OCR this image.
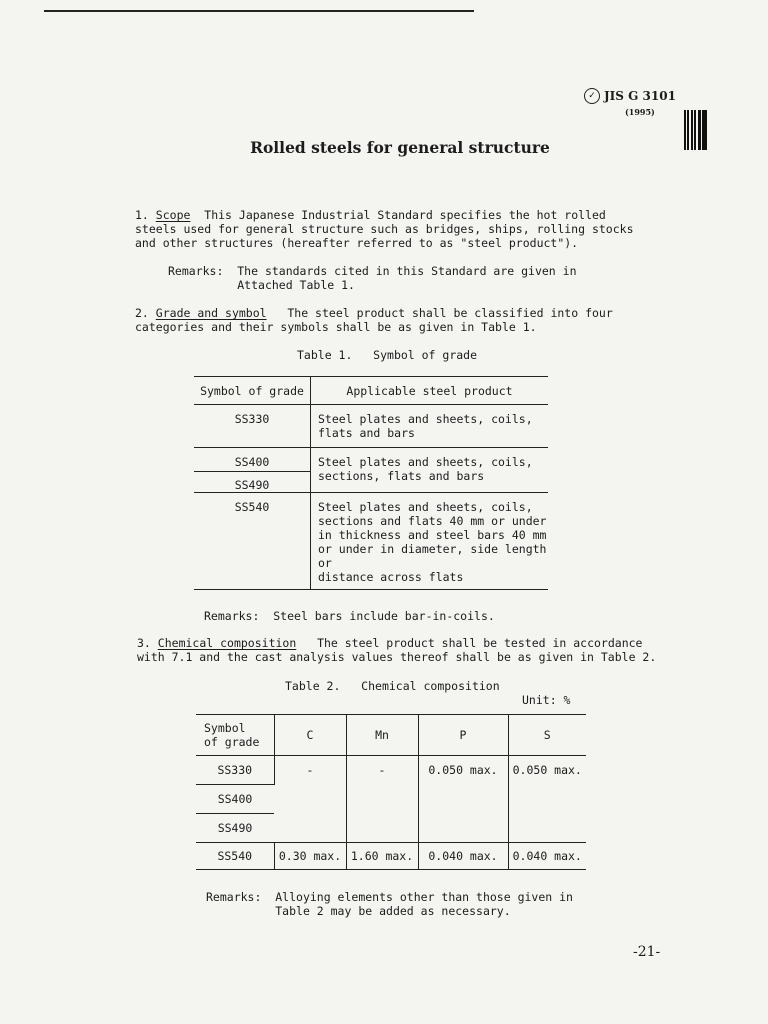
✓ JIS G 3101
(1995)
Rolled steels for general structure
1. Scope This Japanese Industrial Standard specifies the hot rolled
steels used for general structure such as bridges, ships, rolling stocks
and other structures (hereafter referred to as "steel product").
Remarks: The standards cited in this Standard are given in
Attached Table 1.
2. Grade and symbol The steel product shall be classified into four
categories and their symbols shall be as given in Table 1.
Table 1. Symbol of grade
Symbol of grade	Applicable steel product
SS330	Steel plates and sheets, coils,
flats and bars
SS400	Steel plates and sheets, coils,
sections, flats and bars
SS490	
SS540	Steel plates and sheets, coils,
sections and flats 40 mm or under
in thickness and steel bars 40 mm
or under in diameter, side length or
distance across flats
Remarks: Steel bars include bar-in-coils.
3. Chemical composition The steel product shall be tested in accordance
with 7.1 and the cast analysis values thereof shall be as given in Table 2.
Table 2. Chemical composition
Unit: %
Symbol
of grade	C	Mn	P	S
SS330	-	-	0.050 max.	0.050 max.
SS400				
SS490				
SS540	0.30 max.	1.60 max.	0.040 max.	0.040 max.
Remarks: Alloying elements other than those given in
Table 2 may be added as necessary.
-21-
